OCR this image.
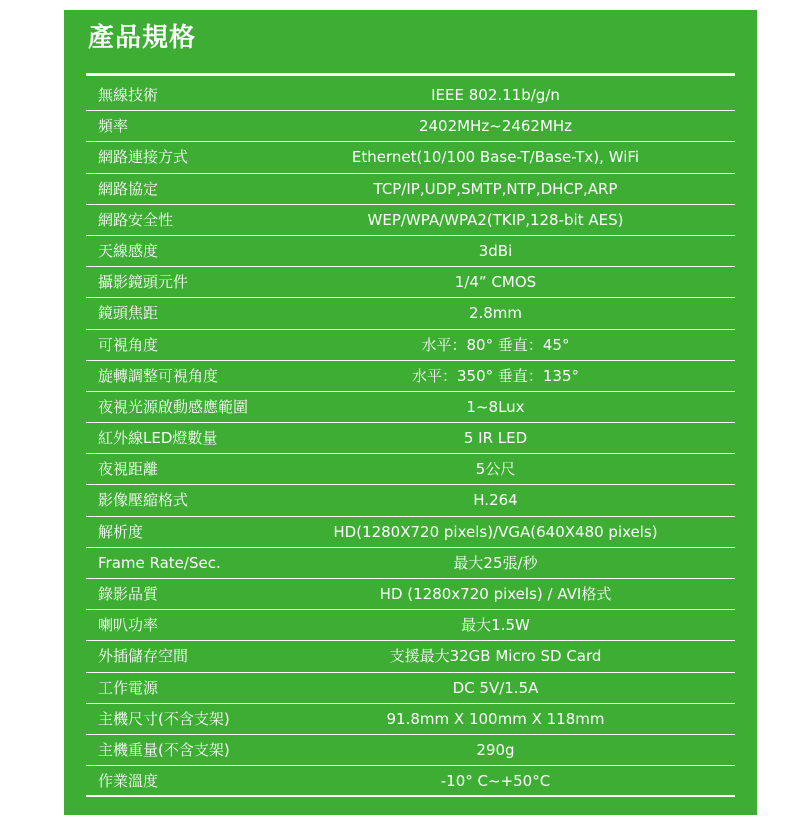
產品規格
無線技術	IEEE 802.11b/g/n
頻率	2402MHz~2462MHz
網路連接方式	Ethernet(10/100 Base-T/Base-Tx), WiFi
網路協定	TCP/IP,UDP,SMTP,NTP,DHCP,ARP
網路安全性	WEP/WPA/WPA2(TKIP,128-bit AES)
天線感度	3dBi
攝影鏡頭元件	1/4” CMOS
鏡頭焦距	2.8mm
可視角度	水平：80° 垂直：45°
旋轉調整可視角度	水平：350° 垂直：135°
夜視光源啟動感應範圍	1~8Lux
紅外線LED燈數量	5 IR LED
夜視距離	5公尺
影像壓縮格式	H.264
解析度	HD(1280X720 pixels)/VGA(640X480 pixels)
Frame Rate/Sec.	最大25張/秒
錄影品質	HD (1280x720 pixels) / AVI格式
喇叭功率	最大1.5W
外插儲存空間	支援最大32GB Micro SD Card
工作電源	DC 5V/1.5A
主機尺寸(不含支架)	91.8mm X 100mm X 118mm
主機重量(不含支架)	290g
作業溫度	-10° C~+50°C
